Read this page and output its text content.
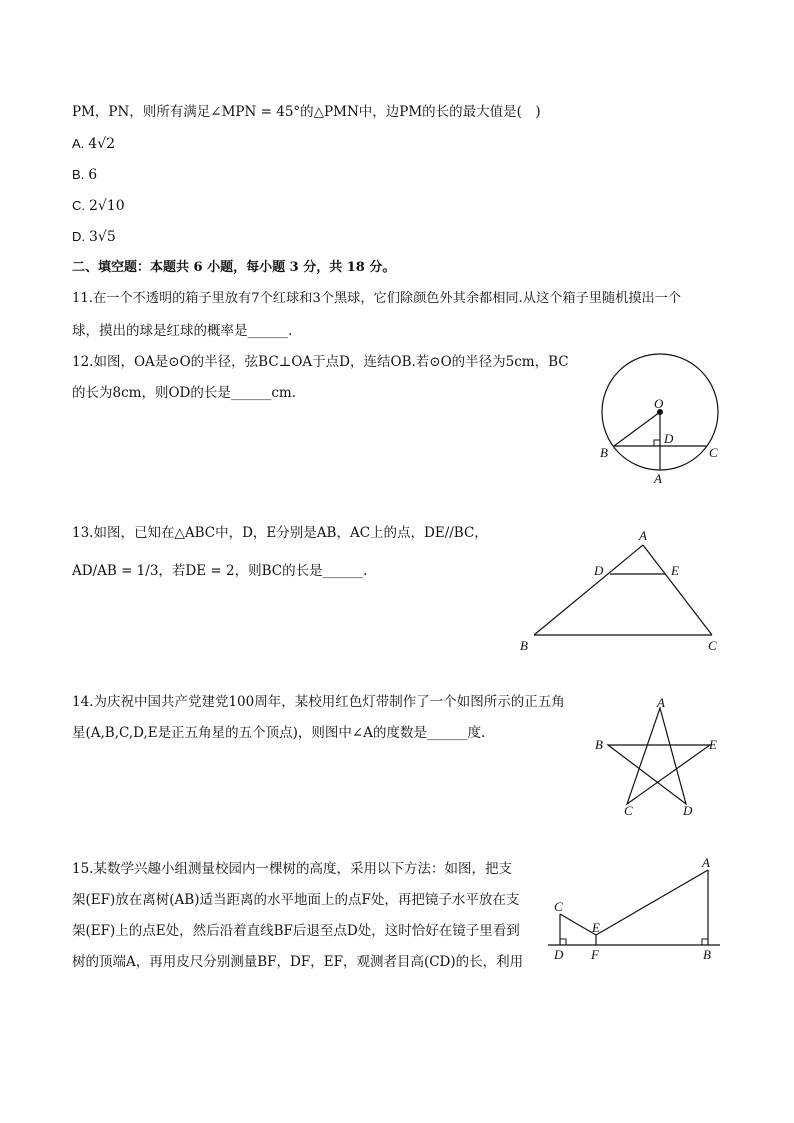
PM，PN，则所有满足∠MPN = 45°的△PMN中，边PM的长的最大值是(　)
A. 4√2
B. 6
C. 2√10
D. 3√5
二、填空题：本题共 6 小题，每小题 3 分，共 18 分。
11.在一个不透明的箱子里放有7个红球和3个黑球，它们除颜色外其余都相同.从这个箱子里随机摸出一个
球，摸出的球是红球的概率是______.
12.如图，OA是⊙O的半径，弦BC⊥OA于点D，连结OB.若⊙O的半径为5cm，BC
的长为8cm，则OD的长是______cm.
O
D
B	C
A
13.如图，已知在△ABC中，D，E分别是AB，AC上的点，DE//BC，
AD/AB = 1/3，若DE = 2，则BC的长是______.
A
D	E
B	C
14.为庆祝中国共产党建党100周年，某校用红色灯带制作了一个如图所示的正五角
星(A,B,C,D,E是正五角星的五个顶点)，则图中∠A的度数是______度.
A
B	E
C	D
15.某数学兴趣小组测量校园内一棵树的高度，采用以下方法：如图，把支
架(EF)放在离树(AB)适当距离的水平地面上的点F处，再把镜子水平放在支
架(EF)上的点E处，然后沿着直线BF后退至点D处，这时恰好在镜子里看到
树的顶端A，再用皮尺分别测量BF，DF，EF，观测者目高(CD)的长，利用
A
C
E
D F	B
